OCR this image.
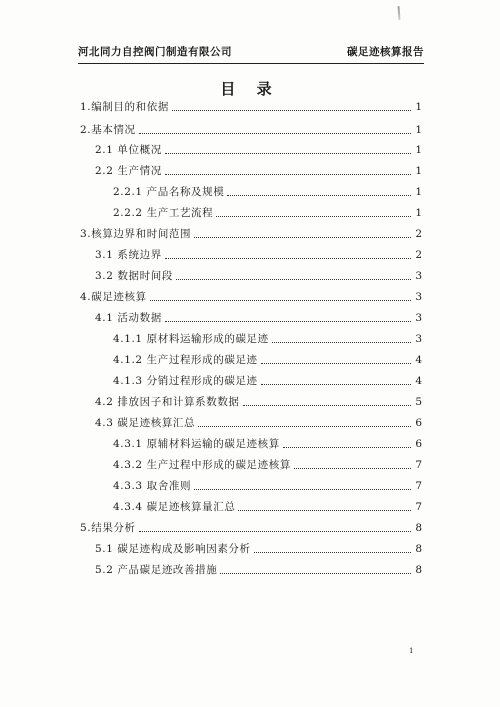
河北同力自控阀门制造有限公司	碳足迹核算报告
目 录
1.编制目的和依据	1
2.基本情况	1
2.1 单位概况	1
2.2 生产情况	1
2.2.1 产品名称及规模	1
2.2.2 生产工艺流程	1
3.核算边界和时间范围	2
3.1 系统边界	2
3.2 数据时间段	3
4.碳足迹核算	3
4.1 活动数据	3
4.1.1 原材料运输形成的碳足迹	3
4.1.2 生产过程形成的碳足迹	4
4.1.3 分销过程形成的碳足迹	4
4.2 排放因子和计算系数数据	5
4.3 碳足迹核算汇总	6
4.3.1 原辅材料运输的碳足迹核算	6
4.3.2 生产过程中形成的碳足迹核算	7
4.3.3 取舍准则	7
4.3.4 碳足迹核算量汇总	7
5.结果分析	8
5.1 碳足迹构成及影响因素分析	8
5.2 产品碳足迹改善措施	8
1
